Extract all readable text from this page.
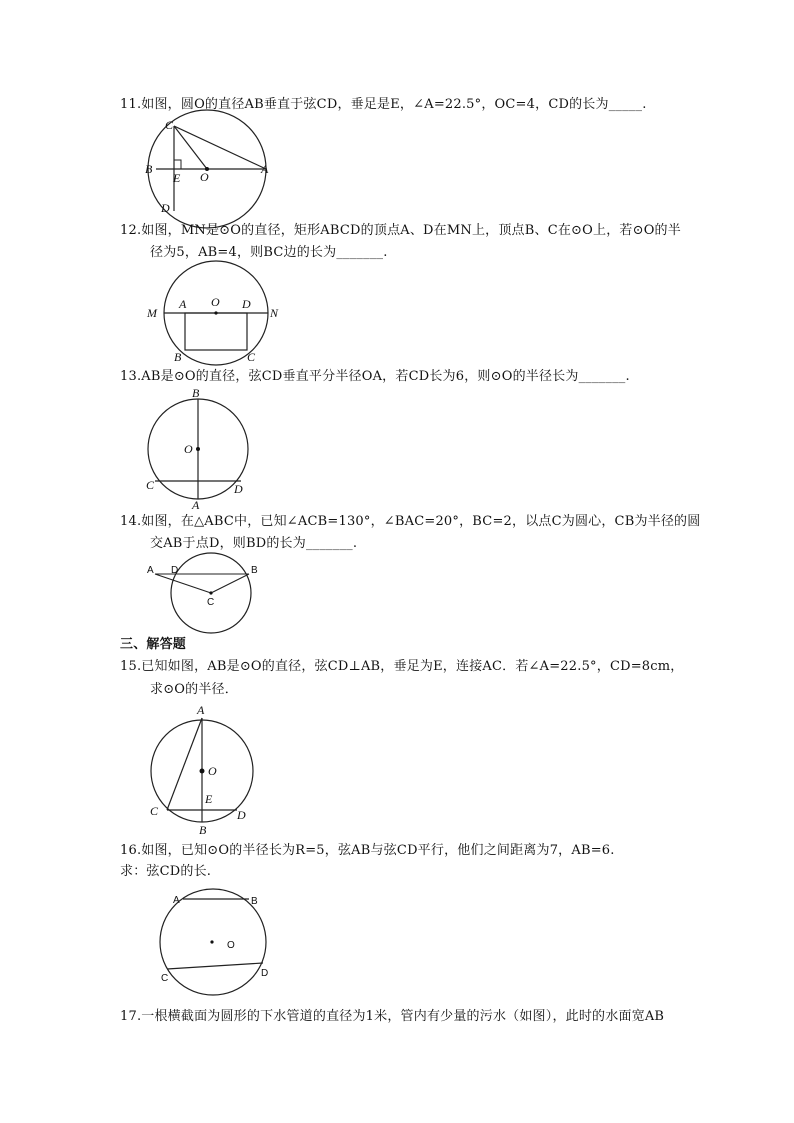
11.如图，圆O的直径AB垂直于弦CD，垂足是E，∠A=22.5°，OC=4，CD的长为_____.
C
B
E O
A
D
12.如图，MN是⊙O的直径，矩形ABCD的顶点A、D在MN上，顶点B、C在⊙O上，若⊙O的半
径为5，AB=4，则BC边的长为_______.
M
A O D
N
B	C
13.AB是⊙O的直径，弦CD垂直平分半径OA，若CD长为6，则⊙O的半径长为_______.
B
O
C
A
D
14.如图，在△ABC中，已知∠ACB=130°，∠BAC=20°，BC=2，以点C为圆心，CB为半径的圆
交AB于点D，则BD的长为_______.
A D	B
C
三、解答题
15.已知如图，AB是⊙O的直径，弦CD⊥AB，垂足为E，连接AC．若∠A=22.5°，CD=8cm，
求⊙O的半径．
A
O
E
C	D
B
16.如图，已知⊙O的半径长为R=5，弦AB与弦CD平行，他们之间距离为7，AB=6.
求：弦CD的长.
A	B
O
C	D
17.一根横截面为圆形的下水管道的直径为1米，管内有少量的污水（如图），此时的水面宽AB
